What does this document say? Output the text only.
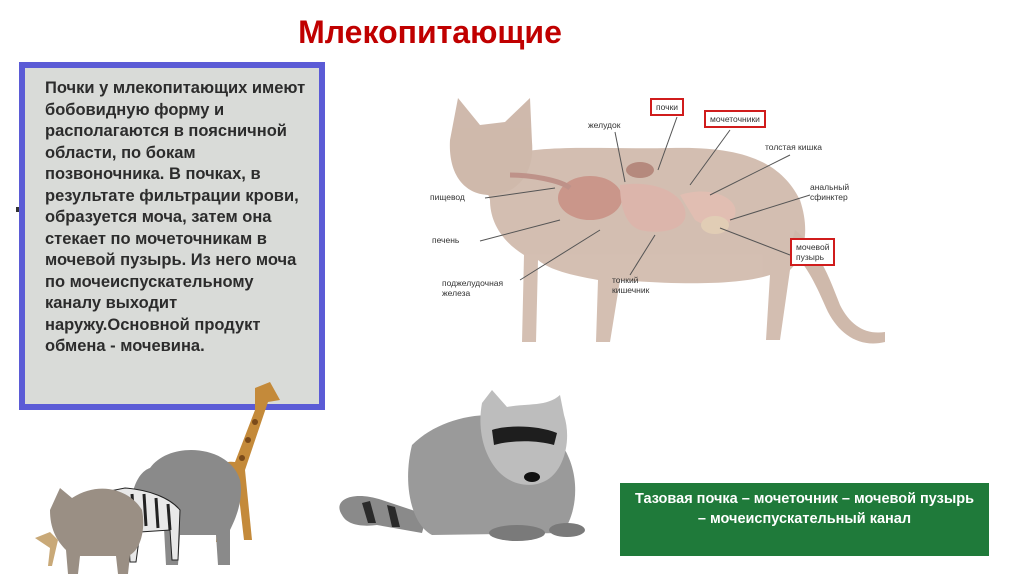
Млекопитающие
Почки у млекопитающих имеют бобовидную форму и располагаются в поясничной области, по бокам позвоночника. В почках, в результате фильтрации крови, образуется моча, затем она стекает по мочеточникам в мочевой пузырь. Из него моча по мочеиспускательному каналу выходит наружу.Основной продукт обмена - мочевина.
почки
мочеточники
желудок
толстая кишка
пищевод
анальный
сфинктер
печень
мочевой
пузырь
поджелудочная
железа
тонкий
кишечник
Тазовая почка – мочеточник – мочевой пузырь – мочеиспускательный канал
